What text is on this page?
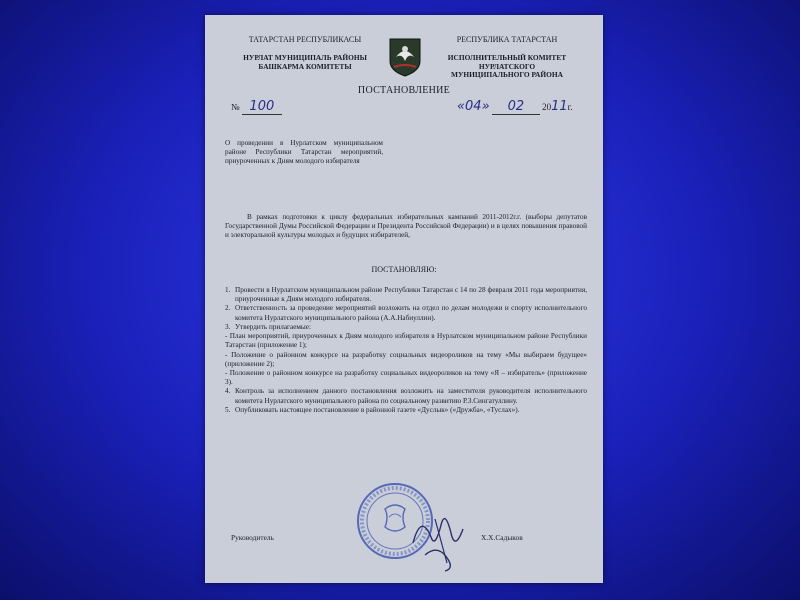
ТАТАРСТАН РЕСПУБЛИКАСЫ
НУРЛАТ МУНИЦИПАЛЬ РАЙОНЫ
БАШКАРМА КОМИТЕТЫ
РЕСПУБЛИКА ТАТАРСТАН
ИСПОЛНИТЕЛЬНЫЙ КОМИТЕТ
НУРЛАТСКОГО
МУНИЦИПАЛЬНОГО РАЙОНА
ПОСТАНОВЛЕНИЕ
№ 100	«04» 02 2011г.
О проведении в Нурлатском муниципальном районе Республики Татарстан мероприятий, приуроченных к Дням молодого избирателя
В рамках подготовки к циклу федеральных избирательных кампаний 2011-2012г.г. (выборы депутатов Государственной Думы Российской Федерации и Президента Российской Федерации) и в целях повышения правовой и электоральной культуры молодых и будущих избирателей,
ПОСТАНОВЛЯЮ:
1. Провести в Нурлатском муниципальном районе Республики Татарстан с 14 по 28 февраля 2011 года мероприятия, приуроченные к Дням молодого избирателя.
2. Ответственность за проведение мероприятий возложить на отдел по делам молодежи и спорту исполнительного комитета Нурлатского муниципального района (А.А.Набиуллин).
3. Утвердить прилагаемые:
- План мероприятий, приуроченных к Дням молодого избирателя в Нурлатском муниципальном районе Республики Татарстан (приложение 1);
- Положение о районном конкурсе на разработку социальных видеороликов на тему «Мы выбираем будущее» (приложение 2);
- Положение о районном конкурсе на разработку социальных видеороликов на тему «Я – избиратель» (приложение 3).
4. Контроль за исполнением данного постановления возложить на заместителя руководителя исполнительного комитета Нурлатского муниципального района по социальному развитию Р.З.Сингатуллину.
5. Опубликовать настоящее постановление в районной газете «Дуслык» («Дружба», «Туслах»).
Руководитель	Х.Х.Садыков
